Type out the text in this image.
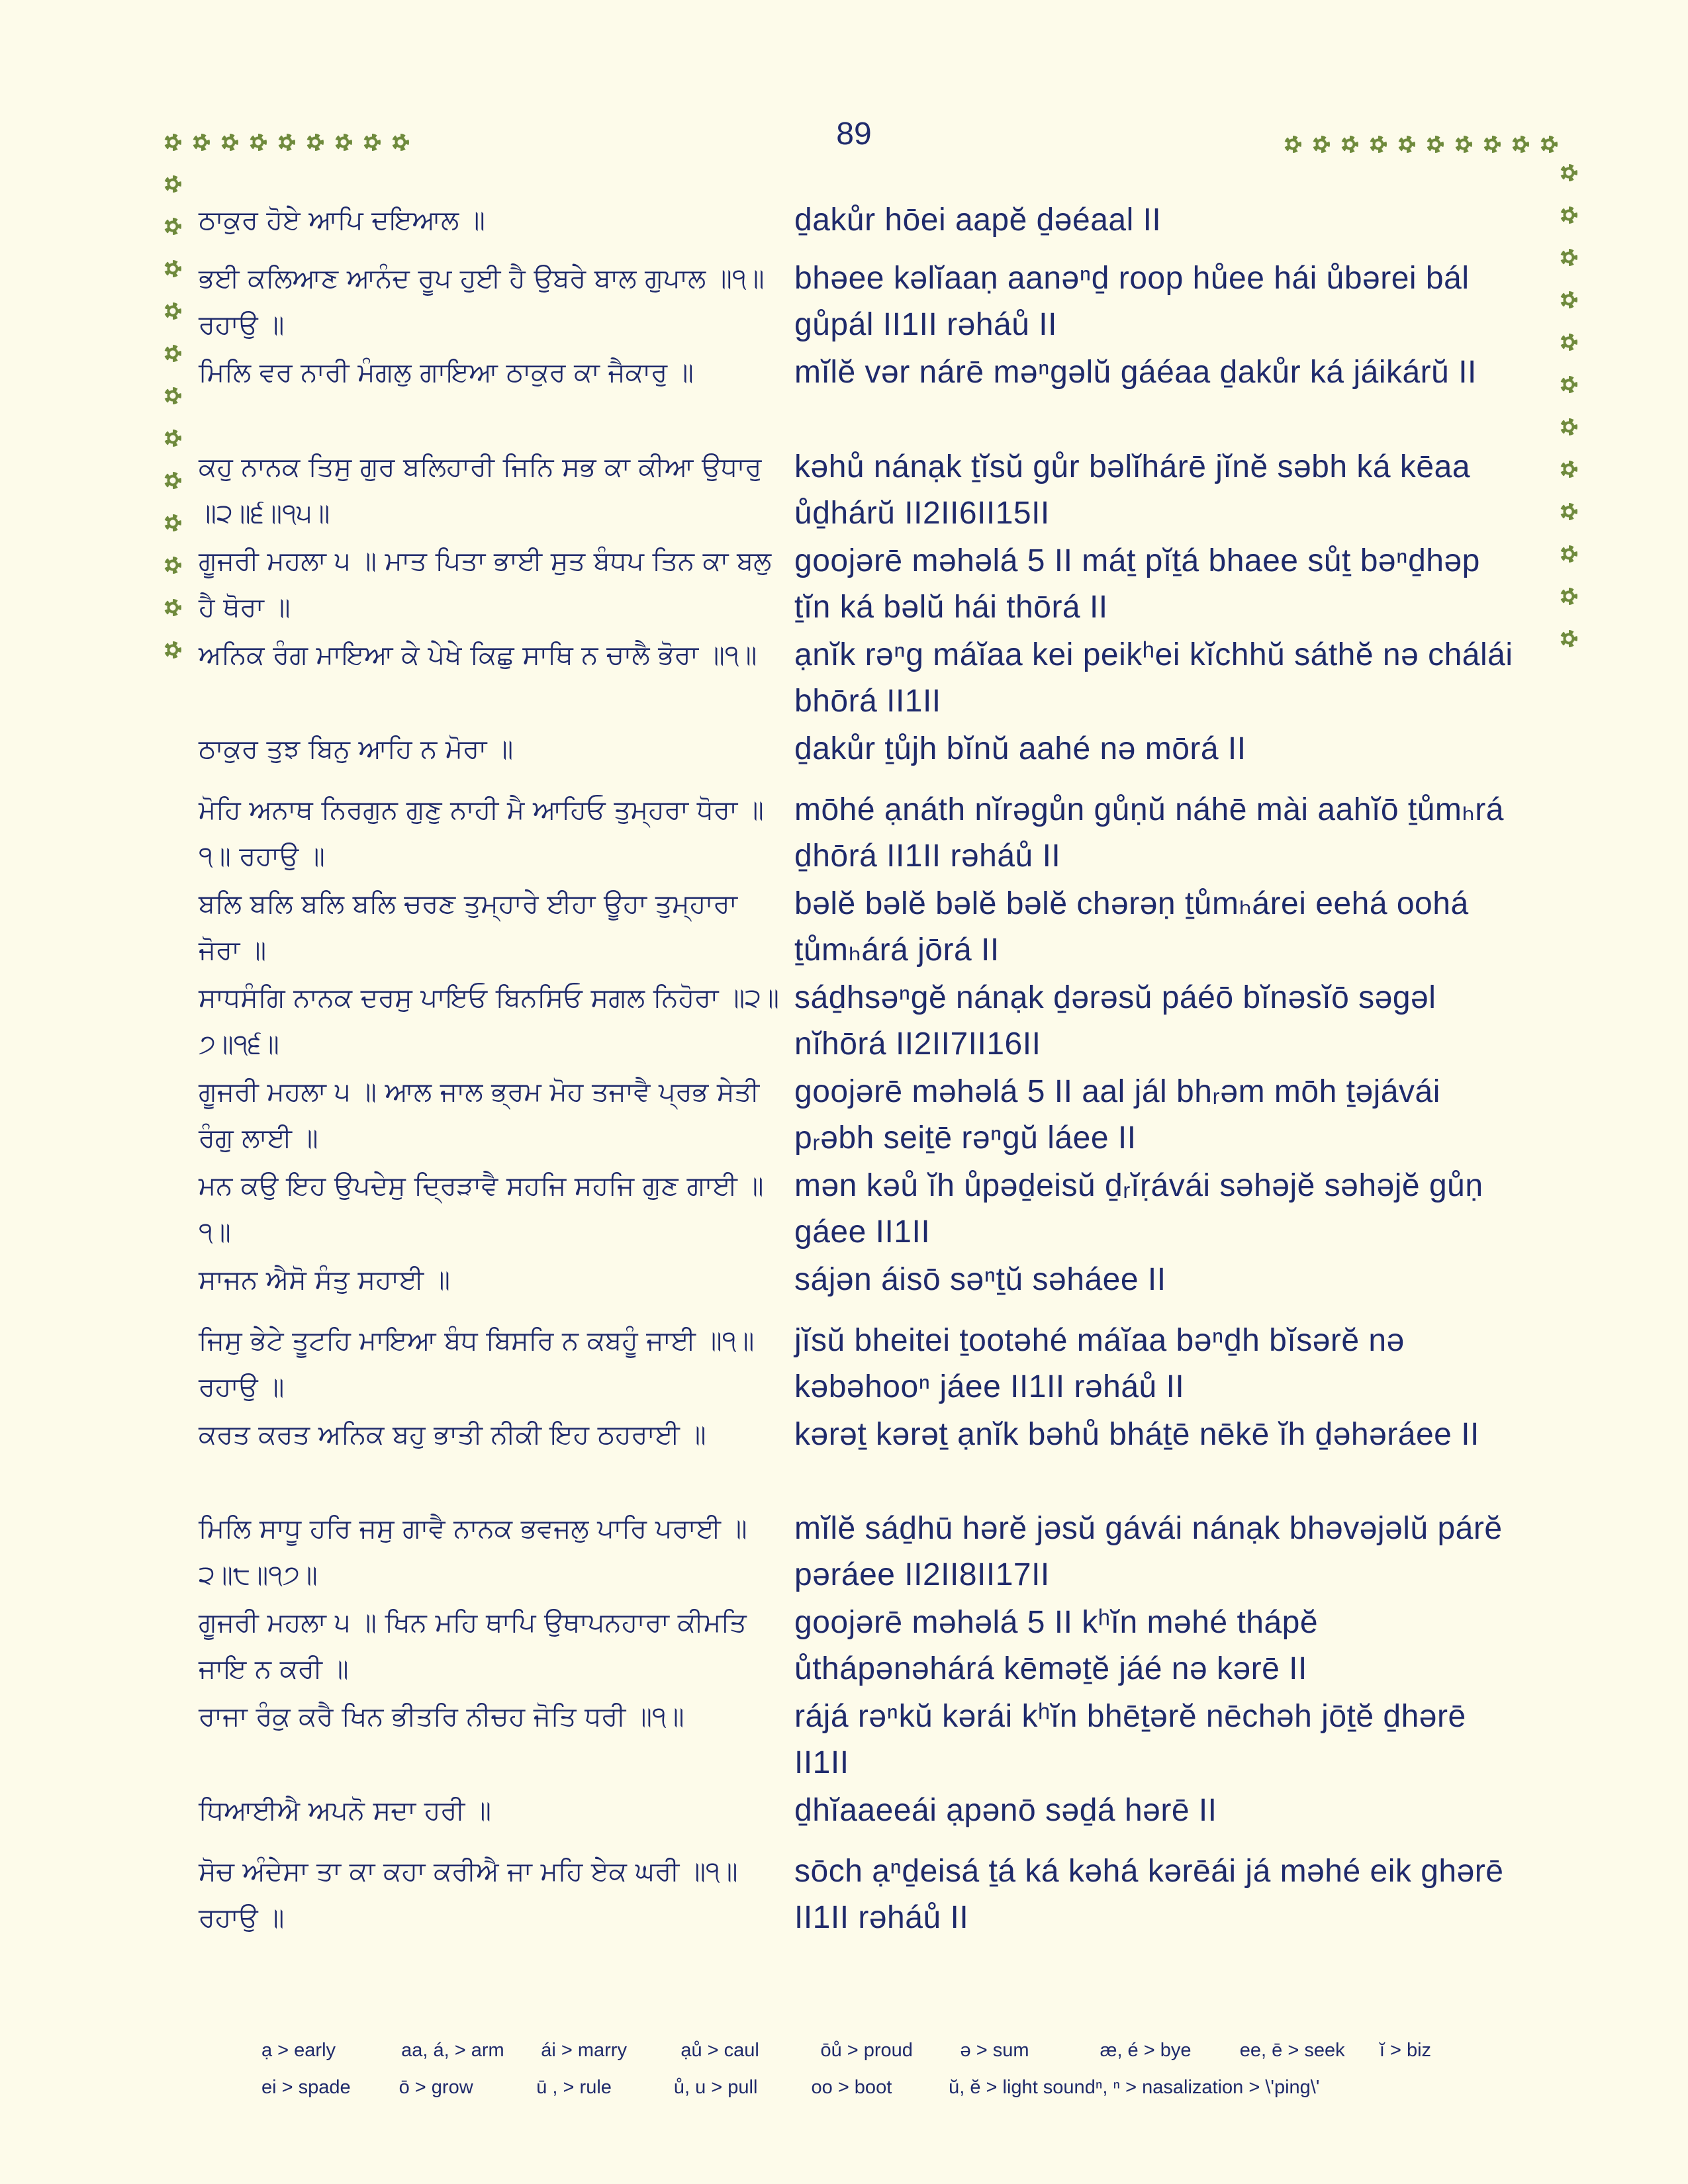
89
ਠਾਕੁਰ ਹੋਏ ਆਪਿ ਦਇਆਲ ॥	ḏakůr hōei aapĕ ḏəéaal II
ਭਈ ਕਲਿਆਣ ਆਨੰਦ ਰੂਪ ਹੁਈ ਹੈ ਉਬਰੇ ਬਾਲ ਗੁਪਾਲ ॥੧॥ ਰਹਾਉ ॥
bhəee kəlĭaaṇ aanəⁿḏ roop hůee hái ůbərei bál gůpál II1II rəháů II
ਮਿਲਿ ਵਰ ਨਾਰੀ ਮੰਗਲੁ ਗਾਇਆ ਠਾਕੁਰ ਕਾ ਜੈਕਾਰੁ ॥	mĭlĕ vər nárē məⁿgəlŭ gáéaa ḏakůr ká jáikárŭ II
ਕਹੁ ਨਾਨਕ ਤਿਸੁ ਗੁਰ ਬਲਿਹਾਰੀ ਜਿਨਿ ਸਭ ਕਾ ਕੀਆ ਉਧਾਰੁ ॥੨॥੬॥੧੫॥
kəhů nánạk ṯĭsŭ gůr bəlĭhárē jĭnĕ səbh ká kēaa ůḏhárŭ II2II6II15II
ਗੂਜਰੀ ਮਹਲਾ ੫ ॥ ਮਾਤ ਪਿਤਾ ਭਾਈ ਸੁਤ ਬੰਧਪ ਤਿਨ ਕਾ ਬਲੁ ਹੈ ਥੋਰਾ ॥
goojərē məhəlá 5 II máṯ pĭṯá bhaee sůṯ bəⁿḏhəp ṯĭn ká bəlŭ hái thōrá II
ਅਨਿਕ ਰੰਗ ਮਾਇਆ ਕੇ ਪੇਖੇ ਕਿਛੁ ਸਾਥਿ ਨ ਚਾਲੈ ਭੋਰਾ ॥੧॥	ạnĭk rəⁿg máĭaa kei peikʰei kĭchhŭ sáthĕ nə chálái bhōrá II1II
ਠਾਕੁਰ ਤੁਝ ਬਿਨੁ ਆਹਿ ਨ ਮੋਰਾ ॥	ḏakůr ṯůjh bĭnŭ aahé nə mōrá II
ਮੋਹਿ ਅਨਾਥ ਨਿਰਗੁਨ ਗੁਣੁ ਨਾਹੀ ਮੈ ਆਹਿਓ ਤੁਮ੍ਹਰਾ ਧੋਰਾ ॥੧॥ ਰਹਾਉ ॥
mōhé ạnáth nĭrəgůn gůṇŭ náhē mài aahĭō ṯůmₕrá ḏhōrá II1II rəháů II
ਬਲਿ ਬਲਿ ਬਲਿ ਬਲਿ ਚਰਣ ਤੁਮ੍ਹਾਰੇ ਈਹਾ ਊਹਾ ਤੁਮ੍ਹਾਰਾ ਜੋਰਾ ॥
bəlĕ bəlĕ bəlĕ bəlĕ chərəṇ ṯůmₕárei eehá oohá ṯůmₕárá jōrá II
ਸਾਧਸੰਗਿ ਨਾਨਕ ਦਰਸੁ ਪਾਇਓ ਬਿਨਸਿਓ ਸਗਲ ਨਿਹੋਰਾ ॥੨॥੭॥੧੬॥
sáḏhsəⁿgĕ nánạk ḏərəsŭ páéō bĭnəsĭō səgəl nĭhōrá II2II7II16II
ਗੂਜਰੀ ਮਹਲਾ ੫ ॥ ਆਲ ਜਾਲ ਭ੍ਰਮ ਮੋਹ ਤਜਾਵੈ ਪ੍ਰਭ ਸੇਤੀ ਰੰਗੁ ਲਾਈ ॥
goojərē məhəlá 5 II aal jál bhᵣəm mōh ṯəjávái pᵣəbh seiṯē rəⁿgŭ láee II
ਮਨ ਕਉ ਇਹ ਉਪਦੇਸੁ ਦ੍ਰਿੜਾਵੈ ਸਹਜਿ ਸਹਜਿ ਗੁਣ ਗਾਈ ॥੧॥
mən kəů ĭh ůpəḏeisŭ ḏᵣĭṛávái səhəjĕ səhəjĕ gůṇ gáee II1II
ਸਾਜਨ ਐਸੋ ਸੰਤੁ ਸਹਾਈ ॥	sájən áisō səⁿṯŭ səháee II
ਜਿਸੁ ਭੇਟੇ ਤੂਟਹਿ ਮਾਇਆ ਬੰਧ ਬਿਸਰਿ ਨ ਕਬਹੂੰ ਜਾਈ ॥੧॥ ਰਹਾਉ ॥
jĭsŭ bheitei ṯootəhé máĭaa bəⁿḏh bĭsərĕ nə kəbəhooⁿ jáee II1II rəháů II
ਕਰਤ ਕਰਤ ਅਨਿਕ ਬਹੁ ਭਾਤੀ ਨੀਕੀ ਇਹ ਠਹਰਾਈ ॥	kərəṯ kərəṯ ạnĭk bəhů bháṯē nēkē ĭh ḏəhəráee II
ਮਿਲਿ ਸਾਧੂ ਹਰਿ ਜਸੁ ਗਾਵੈ ਨਾਨਕ ਭਵਜਲੁ ਪਾਰਿ ਪਰਾਈ ॥੨॥੮॥੧੭॥
mĭlĕ sáḏhū hərĕ jəsŭ gávái nánạk bhəvəjəlŭ párĕ pəráee II2II8II17II
ਗੂਜਰੀ ਮਹਲਾ ੫ ॥ ਖਿਨ ਮਹਿ ਥਾਪਿ ਉਥਾਪਨਹਾਰਾ ਕੀਮਤਿ ਜਾਇ ਨ ਕਰੀ ॥
goojərē məhəlá 5 II kʰĭn məhé thápĕ ůthápənəhárá kēməṯĕ jáé nə kərē II
ਰਾਜਾ ਰੰਕੁ ਕਰੈ ਖਿਨ ਭੀਤਰਿ ਨੀਚਹ ਜੋਤਿ ਧਰੀ ॥੧॥	rájá rəⁿkŭ kərái kʰĭn bhēṯərĕ nēchəh jōṯĕ ḏhərē II1II
ਧਿਆਈਐ ਅਪਨੋ ਸਦਾ ਹਰੀ ॥	ḏhĭaaeeái ạpənō səḏá hərē II
ਸੋਚ ਅੰਦੇਸਾ ਤਾ ਕਾ ਕਹਾ ਕਰੀਐ ਜਾ ਮਹਿ ਏਕ ਘਰੀ ॥੧॥ ਰਹਾਉ ॥
sōch ạⁿḏeisá ṯá ká kəhá kərēái já məhé eik ghərē II1II rəháů II
ạ > early	aa, á, > arm	ái > marry	ạů > caul	ōů > proud	ə > sum	æ, é > bye	ee, ē > seek	ĭ > biz
ei > spade	ō > grow	ū , > rule	ů, u > pull	oo > boot	ŭ, ĕ > light sound ⁿ, ⁿ > nasalization > \'ping\'
